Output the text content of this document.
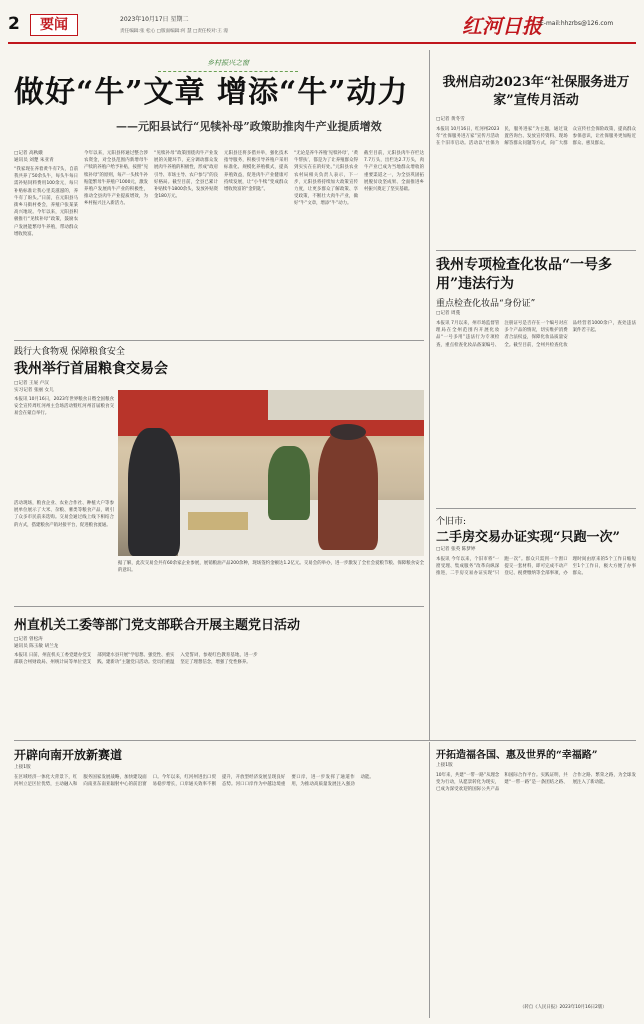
2	要闻	2023年10月17日 星期二
责任编辑:张 松心 □版面编辑:何 慧 □责任校对:王 漫	红河日报
E-mail:hhzrbs@126.com
乡村振兴之窗
做好“牛”文章 增添“牛”动力
——元阳县试行“见犊补母”政策助推肉牛产业提质增效
□记者 高秋娥
通讯员 刘楚 朱亚青
“我家现在养着黄牛有7头，自前我共养了50余头牛，每头牛每日需补贴饲料费用100余元，每只补贴标准让我心里美滋滋的，养牛有了盼头。”日前，在元阳县马街乡马街村委会，养殖户张某某高兴地说。今年以来，元阳县积极推行“见犊补母”政策，鼓励农户发展能繁母牛养殖，带动群众增收致富。
今年以来，元阳县将通过整合涉农资金，对全县范围内新增母牛产犊的养殖户给予补贴，按照“见犊补母”的原则，每产一头犊牛补贴能繁母牛养殖户1000元，激发养殖户发展肉牛产业的积极性，推动全县肉牛产业提质增效，为乡村振兴注入新活力。
“见犊补母”政策围绕肉牛产业发展的关键环节，充分调动群众发展肉牛养殖的积极性，形成“政府引导、市场主导、农户参与”的良好格局。截至目前，全县已累计补贴犊牛1800余头，发放补贴资金180万元。
元阳县还将多措并举，强化技术指导服务，积极引导养殖户采用标准化、规模化养殖模式，提高养殖效益，促进肉牛产业健康可持续发展，让“小牛犊”变成群众增收致富的“金钥匙”。
“无论是养牛养殖‘见犊补母’，‘黄牛帮扶’，都是为了让养殖群众得到实实在在的好处。”元阳县农业农村局相关负责人表示，下一步，元阳县将持续加大政策宣传力度，让更多群众了解政策、享受政策，不断壮大肉牛产业，做好“牛”文章，增添“牛”动力。
截至目前，元阳县肉牛存栏达7.7万头，出栏达2.7万头，肉牛产业已成为当地群众增收的重要渠道之一，为全县巩固拓展脱贫攻坚成果、全面推进乡村振兴奠定了坚实基础。
践行大食物观 保障粮食安全
我州举行首届粮食交易会
□记者 王屁 卢汉
实习记者 张丽 女儿
本报讯 10月16日，2023年世界粮食日暨全国粮食安全宣传周红河州主会场活动暨红河州首届粮食交易会在蒙自举行。
活动现场，粮食企业、农业合作社、种植大户等参展单位展示了大米、杂粮、薯类等粮食产品，吸引了众多市民前来选购。交易会通过线上线下相结合的方式，搭建粮食产销对接平台，促进粮食流通。
据了解，此次交易会共有60余家企业参展，展销粮油产品200余种，现场签约金额达1.2亿元。交易会的举办，进一步激发了全社会爱粮节粮、保障粮食安全的意识。
州直机关工委等部门党支部联合开展主题党日活动
□记者 曾松涛
通讯员 陈玉敏 胡兰龙
本报讯 日前，州直机关工委党建办党支部联合州财政局、州统计局等单位党支部到建水县开展“学思想、强党性、重实践、建新功”主题党日活动。党员们重温入党誓词，参观红色教育基地，进一步坚定了理想信念，增强了党性修养。
开辟向南开放新赛道
上接1版
在区域经济一体化大背景下，红河州立足区位优势，主动融入和服务国家发展战略，加快建设面向南亚东南亚辐射中心的前沿窗口。今年以来，红河州进出口贸易稳步增长，口岸通关效率不断提升，开放型经济发展呈现良好态势。河口口岸作为中越边境重要口岸，进一步发挥了通道作用，为推动高质量发展注入强劲动能。
开拓造福各国、惠及世界的“幸福路”
上接1版
10年来，共建“一带一路”从理念变为行动，从愿景转化为现实，已成为深受欢迎的国际公共产品和国际合作平台。实践证明，共建“一带一路”是一条团结之路、合作之路、繁荣之路，为全球发展注入了新动能。
（转自《人民日报》2023年10月16日2版）
我州启动2023年“社保服务进万家”宣传月活动
□记者 黄冬雪
本报讯 10月16日，红河州2023年“社保服务进万家”宣传月活动在个旧市启动。活动以“社保为民，服务进家”为主题，通过设置咨询台、发放宣传资料、现场解答群众问题等方式，向广大群众宣传社会保险政策，提高群众参保意识，让社保服务更加贴近群众、惠及群众。
我州专项检查化妆品“一号多用”违法行为
重点检查化妆品“身份证”
□记者 周蔓
本报讯 7月以来，州市场监督管理局在全州范围内开展化妆品“一号多用”违法行为专项检查，重点检查化妆品备案编号、注册证号是否存在一个编号对应多个产品的情况，切实维护消费者合法权益，保障化妆品质量安全。截至目前，全州共检查化妆品经营者1000余户，查处违法案件若干起。
个旧市:
二手房交易办证实现“只跑一次”
□记者 张英 陈梦婷
本报讯 今年以来，个旧市将“一窗受理、集成服务”改革向纵深推进，二手房交易办证实现“只跑一次”。群众只需到一个窗口提交一套材料，即可完成不动产登记、税费缴纳等全部事项，办理时间由原来的5个工作日缩短至1个工作日，极大方便了办事群众。
